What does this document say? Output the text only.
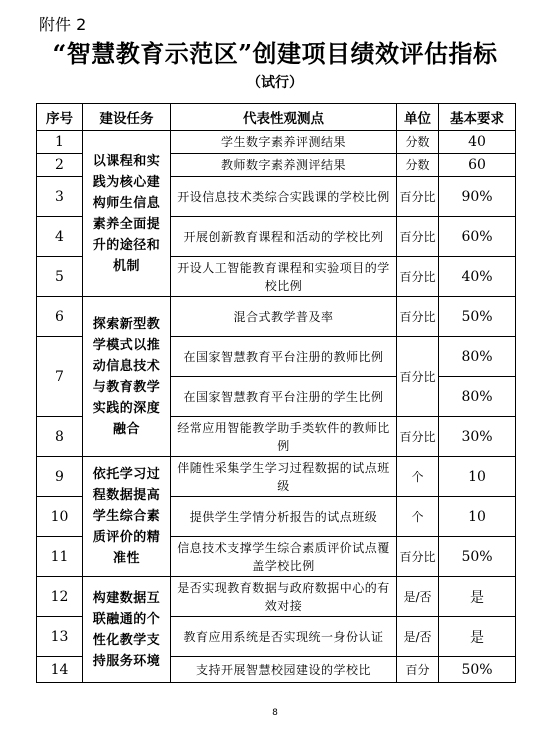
附件 2
“智慧教育示范区”创建项目绩效评估指标
（试行）
序号	建设任务	代表性观测点	单位	基本要求
1	以课程和实践为核心建构师生信息素养全面提升的途径和机制	学生数字素养评测结果	分数	40
2		教师数字素养测评结果	分数	60
3		开设信息技术类综合实践课的学校比例	百分比	90%
4		开展创新教育课程和活动的学校比列	百分比	60%
5		开设人工智能教育课程和实验项目的学校比例	百分比	40%
6	探索新型教学模式以推动信息技术与教育教学实践的深度融合	混合式教学普及率	百分比	50%
7		在国家智慧教育平台注册的教师比例	百分比	80%
		在国家智慧教育平台注册的学生比例		80%
8		经常应用智能教学助手类软件的教师比例	百分比	30%
9	依托学习过程数据提高学生综合素质评价的精准性	伴随性采集学生学习过程数据的试点班级	个	10
10		提供学生学情分析报告的试点班级	个	10
11		信息技术支撑学生综合素质评价试点覆盖学校比例	百分比	50%
12	构建数据互联融通的个性化教学支持服务环境	是否实现教育数据与政府数据中心的有效对接	是/否	是
13		教育应用系统是否实现统一身份认证	是/否	是
14		支持开展智慧校园建设的学校比	百分	50%
8
